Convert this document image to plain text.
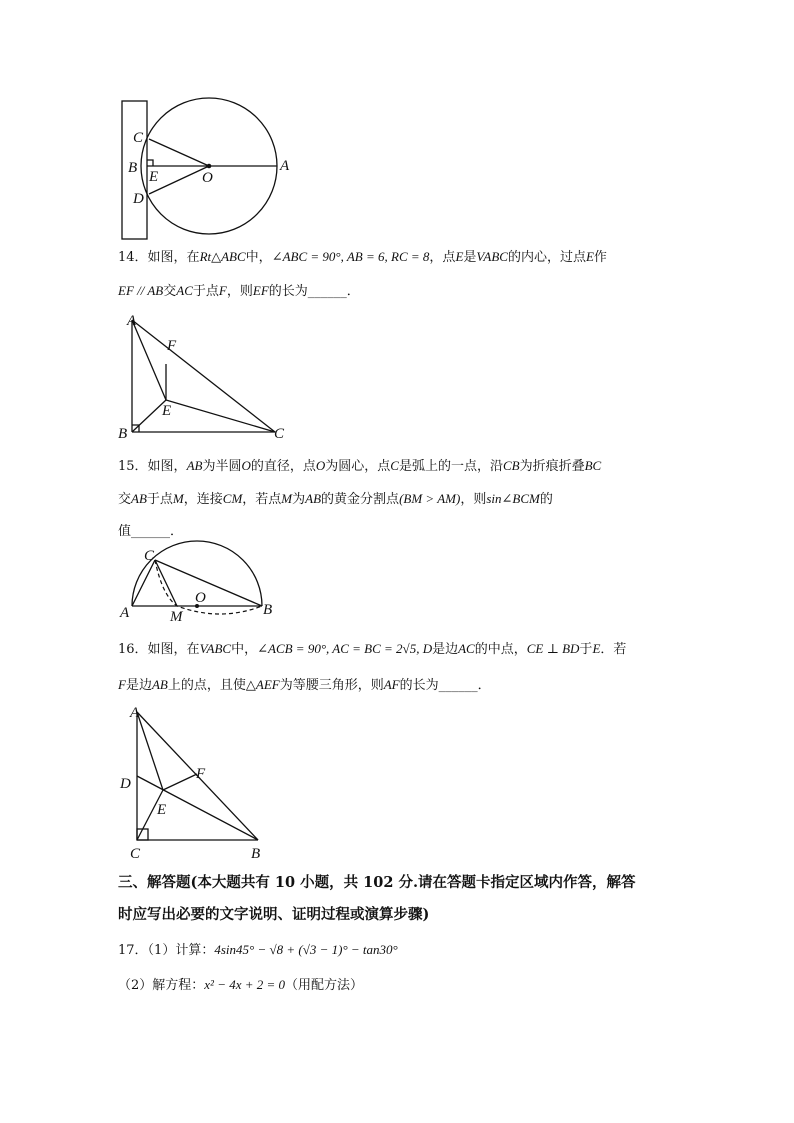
C
B
E
D
O
A
14．如图，在Rt△ABC中，∠ABC = 90°, AB = 6, RC = 8，点E是VABC的内心，过点E作
EF // AB交AC于点F，则EF的长为______．
A
F
E
B	C
15．如图，AB为半圆O的直径，点O为圆心，点C是弧上的一点，沿CB为折痕折叠BC
交AB于点M，连接CM，若点M为AB的黄金分割点(BM > AM)，则sin∠BCM的
值______．
C
A	M
O
B
16．如图，在VABC中，∠ACB = 90°, AC = BC = 2√5, D是边AC的中点，CE ⊥ BD于E．若
F是边AB上的点，且使△AEF为等腰三角形，则AF的长为______．
A
D
F
E
C	B
三、解答题(本大题共有 10 小题，共 102 分.请在答题卡指定区域内作答，解答
时应写出必要的文字说明、证明过程或演算步骤)
17．（1）计算：4sin45° − √8 + (√3 − 1)° − tan30°
（2）解方程：x² − 4x + 2 = 0（用配方法）
